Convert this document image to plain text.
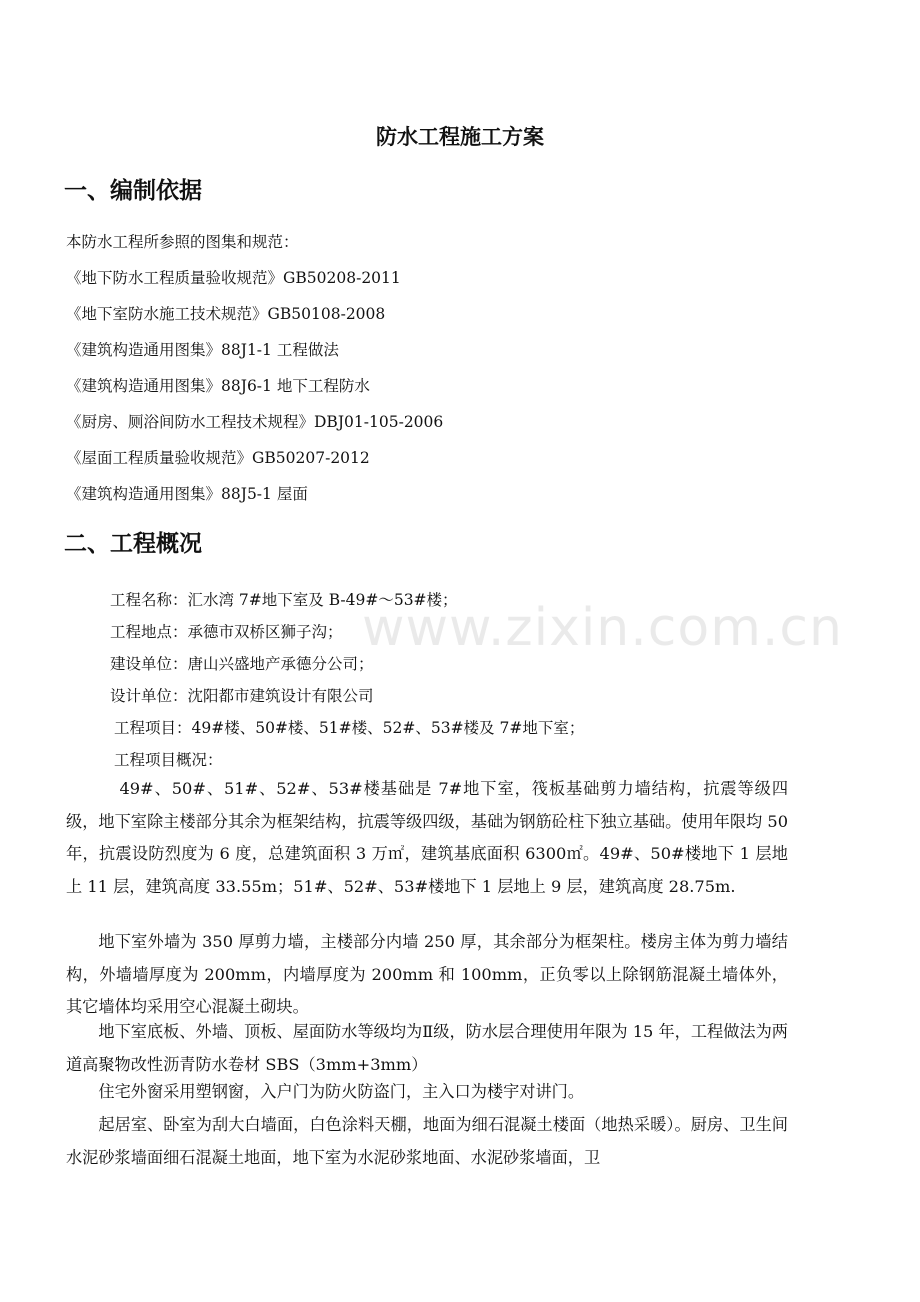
防水工程施工方案
一、编制依据
本防水工程所参照的图集和规范：
《地下防水工程质量验收规范》GB50208-2011
《地下室防水施工技术规范》GB50108-2008
《建筑构造通用图集》88J1-1 工程做法
《建筑构造通用图集》88J6-1 地下工程防水
《厨房、厕浴间防水工程技术规程》DBJ01-105-2006
《屋面工程质量验收规范》GB50207-2012
《建筑构造通用图集》88J5-1 屋面
二、工程概况
工程名称：汇水湾 7#地下室及 B-49#～53#楼；
工程地点：承德市双桥区狮子沟；
建设单位：唐山兴盛地产承德分公司；
设计单位：沈阳都市建筑设计有限公司
工程项目：49#楼、50#楼、51#楼、52#、53#楼及 7#地下室；
工程项目概况：
49#、50#、51#、52#、53#楼基础是 7#地下室，筏板基础剪力墙结构，抗震等级四级，地下室除主楼部分其余为框架结构，抗震等级四级，基础为钢筋砼柱下独立基础。使用年限均 50 年，抗震设防烈度为 6 度，总建筑面积 3 万㎡，建筑基底面积 6300㎡。49#、50#楼地下 1 层地上 11 层，建筑高度 33.55m；51#、52#、53#楼地下 1 层地上 9 层，建筑高度 28.75m.
地下室外墙为 350 厚剪力墙，主楼部分内墙 250 厚，其余部分为框架柱。楼房主体为剪力墙结构，外墙墙厚度为 200mm，内墙厚度为 200mm 和 100mm，正负零以上除钢筋混凝土墙体外，其它墙体均采用空心混凝土砌块。
地下室底板、外墙、顶板、屋面防水等级均为Ⅱ级，防水层合理使用年限为 15 年，工程做法为两道高聚物改性沥青防水卷材 SBS（3mm+3mm）
住宅外窗采用塑钢窗，入户门为防火防盗门，主入口为楼宇对讲门。
起居室、卧室为刮大白墙面，白色涂料天棚，地面为细石混凝土楼面（地热采暖）。厨房、卫生间水泥砂浆墙面细石混凝土地面，地下室为水泥砂浆地面、水泥砂浆墙面，卫
www.zixin.com.cn
